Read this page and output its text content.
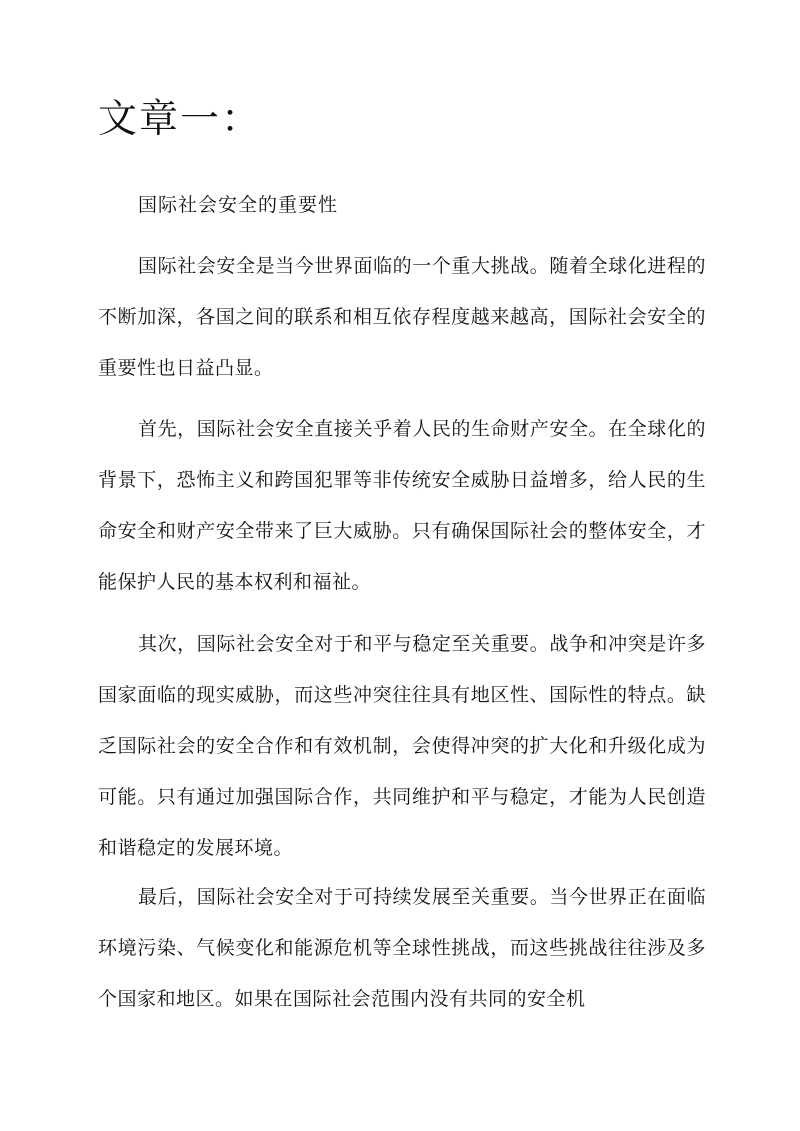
文章一：

国际社会安全的重要性

国际社会安全是当今世界面临的一个重大挑战。随着全球化进程的不断加深，各国之间的联系和相互依存程度越来越高，国际社会安全的重要性也日益凸显。

首先，国际社会安全直接关乎着人民的生命财产安全。在全球化的背景下，恐怖主义和跨国犯罪等非传统安全威胁日益增多，给人民的生命安全和财产安全带来了巨大威胁。只有确保国际社会的整体安全，才能保护人民的基本权利和福祉。

其次，国际社会安全对于和平与稳定至关重要。战争和冲突是许多国家面临的现实威胁，而这些冲突往往具有地区性、国际性的特点。缺乏国际社会的安全合作和有效机制，会使得冲突的扩大化和升级化成为可能。只有通过加强国际合作，共同维护和平与稳定，才能为人民创造和谐稳定的发展环境。

最后，国际社会安全对于可持续发展至关重要。当今世界正在面临环境污染、气候变化和能源危机等全球性挑战，而这些挑战往往涉及多个国家和地区。如果在国际社会范围内没有共同的安全机
